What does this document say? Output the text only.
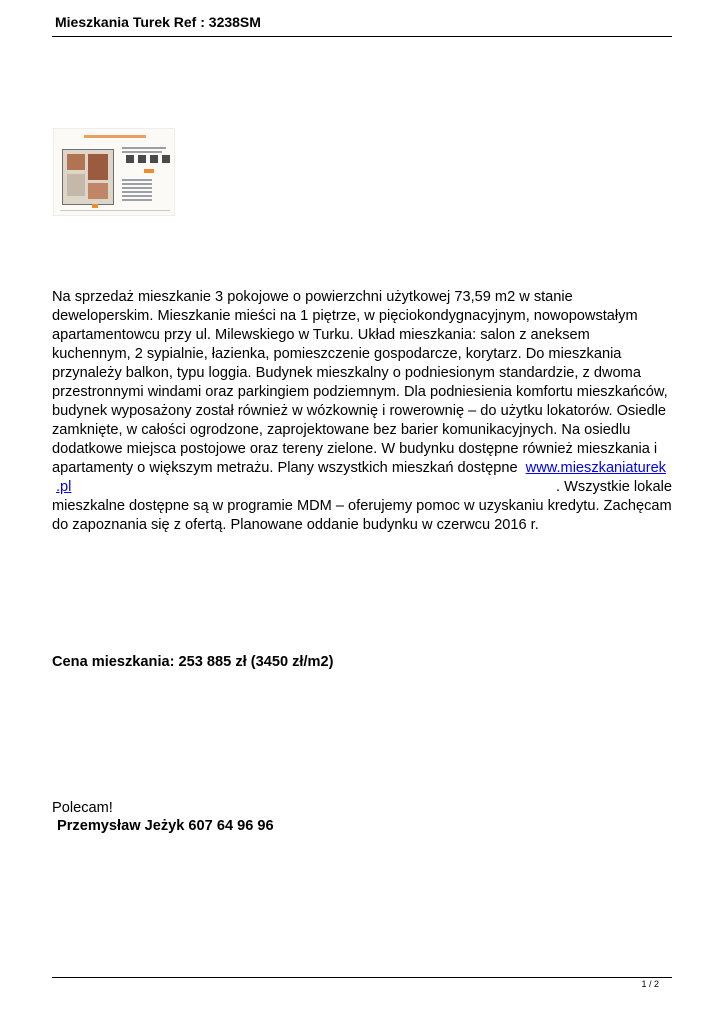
Mieszkania Turek Ref : 3238SM

Na sprzedaż mieszkanie 3 pokojowe o powierzchni użytkowej 73,59 m2 w stanie

deweloperskim. Mieszkanie mieści na 1 piętrze, w pięciokondygnacyjnym, nowopowstałym

apartamentowcu przy ul. Milewskiego w Turku. Układ mieszkania: salon z aneksem

kuchennym, 2 sypialnie, łazienka, pomieszczenie gospodarcze, korytarz. Do mieszkania

przynależy balkon, typu loggia. Budynek mieszkalny o podniesionym standardzie, z dwoma

przestronnymi windami oraz parkingiem podziemnym. Dla podniesienia komfortu mieszkańców,

budynek wyposażony został również w wózkownię i rowerownię – do użytku lokatorów. Osiedle

zamknięte, w całości ogrodzone, zaprojektowane bez barier komunikacyjnych. Na osiedlu

dodatkowe miejsca postojowe oraz tereny zielone. W budynku dostępne również mieszkania i

apartamenty o większym metrażu. Plany wszystkich mieszkań dostępne www.mieszkaniaturek

.pl	. Wszystkie lokale

mieszkalne dostępne są w programie MDM – oferujemy pomoc w uzyskaniu kredytu. Zachęcam

do zapoznania się z ofertą. Planowane oddanie budynku w czerwcu 2016 r.

Cena mieszkania: 253 885 zł (3450 zł/m2)
Polecam!
Przemysław Jeżyk 607 64 96 96
1 / 2
